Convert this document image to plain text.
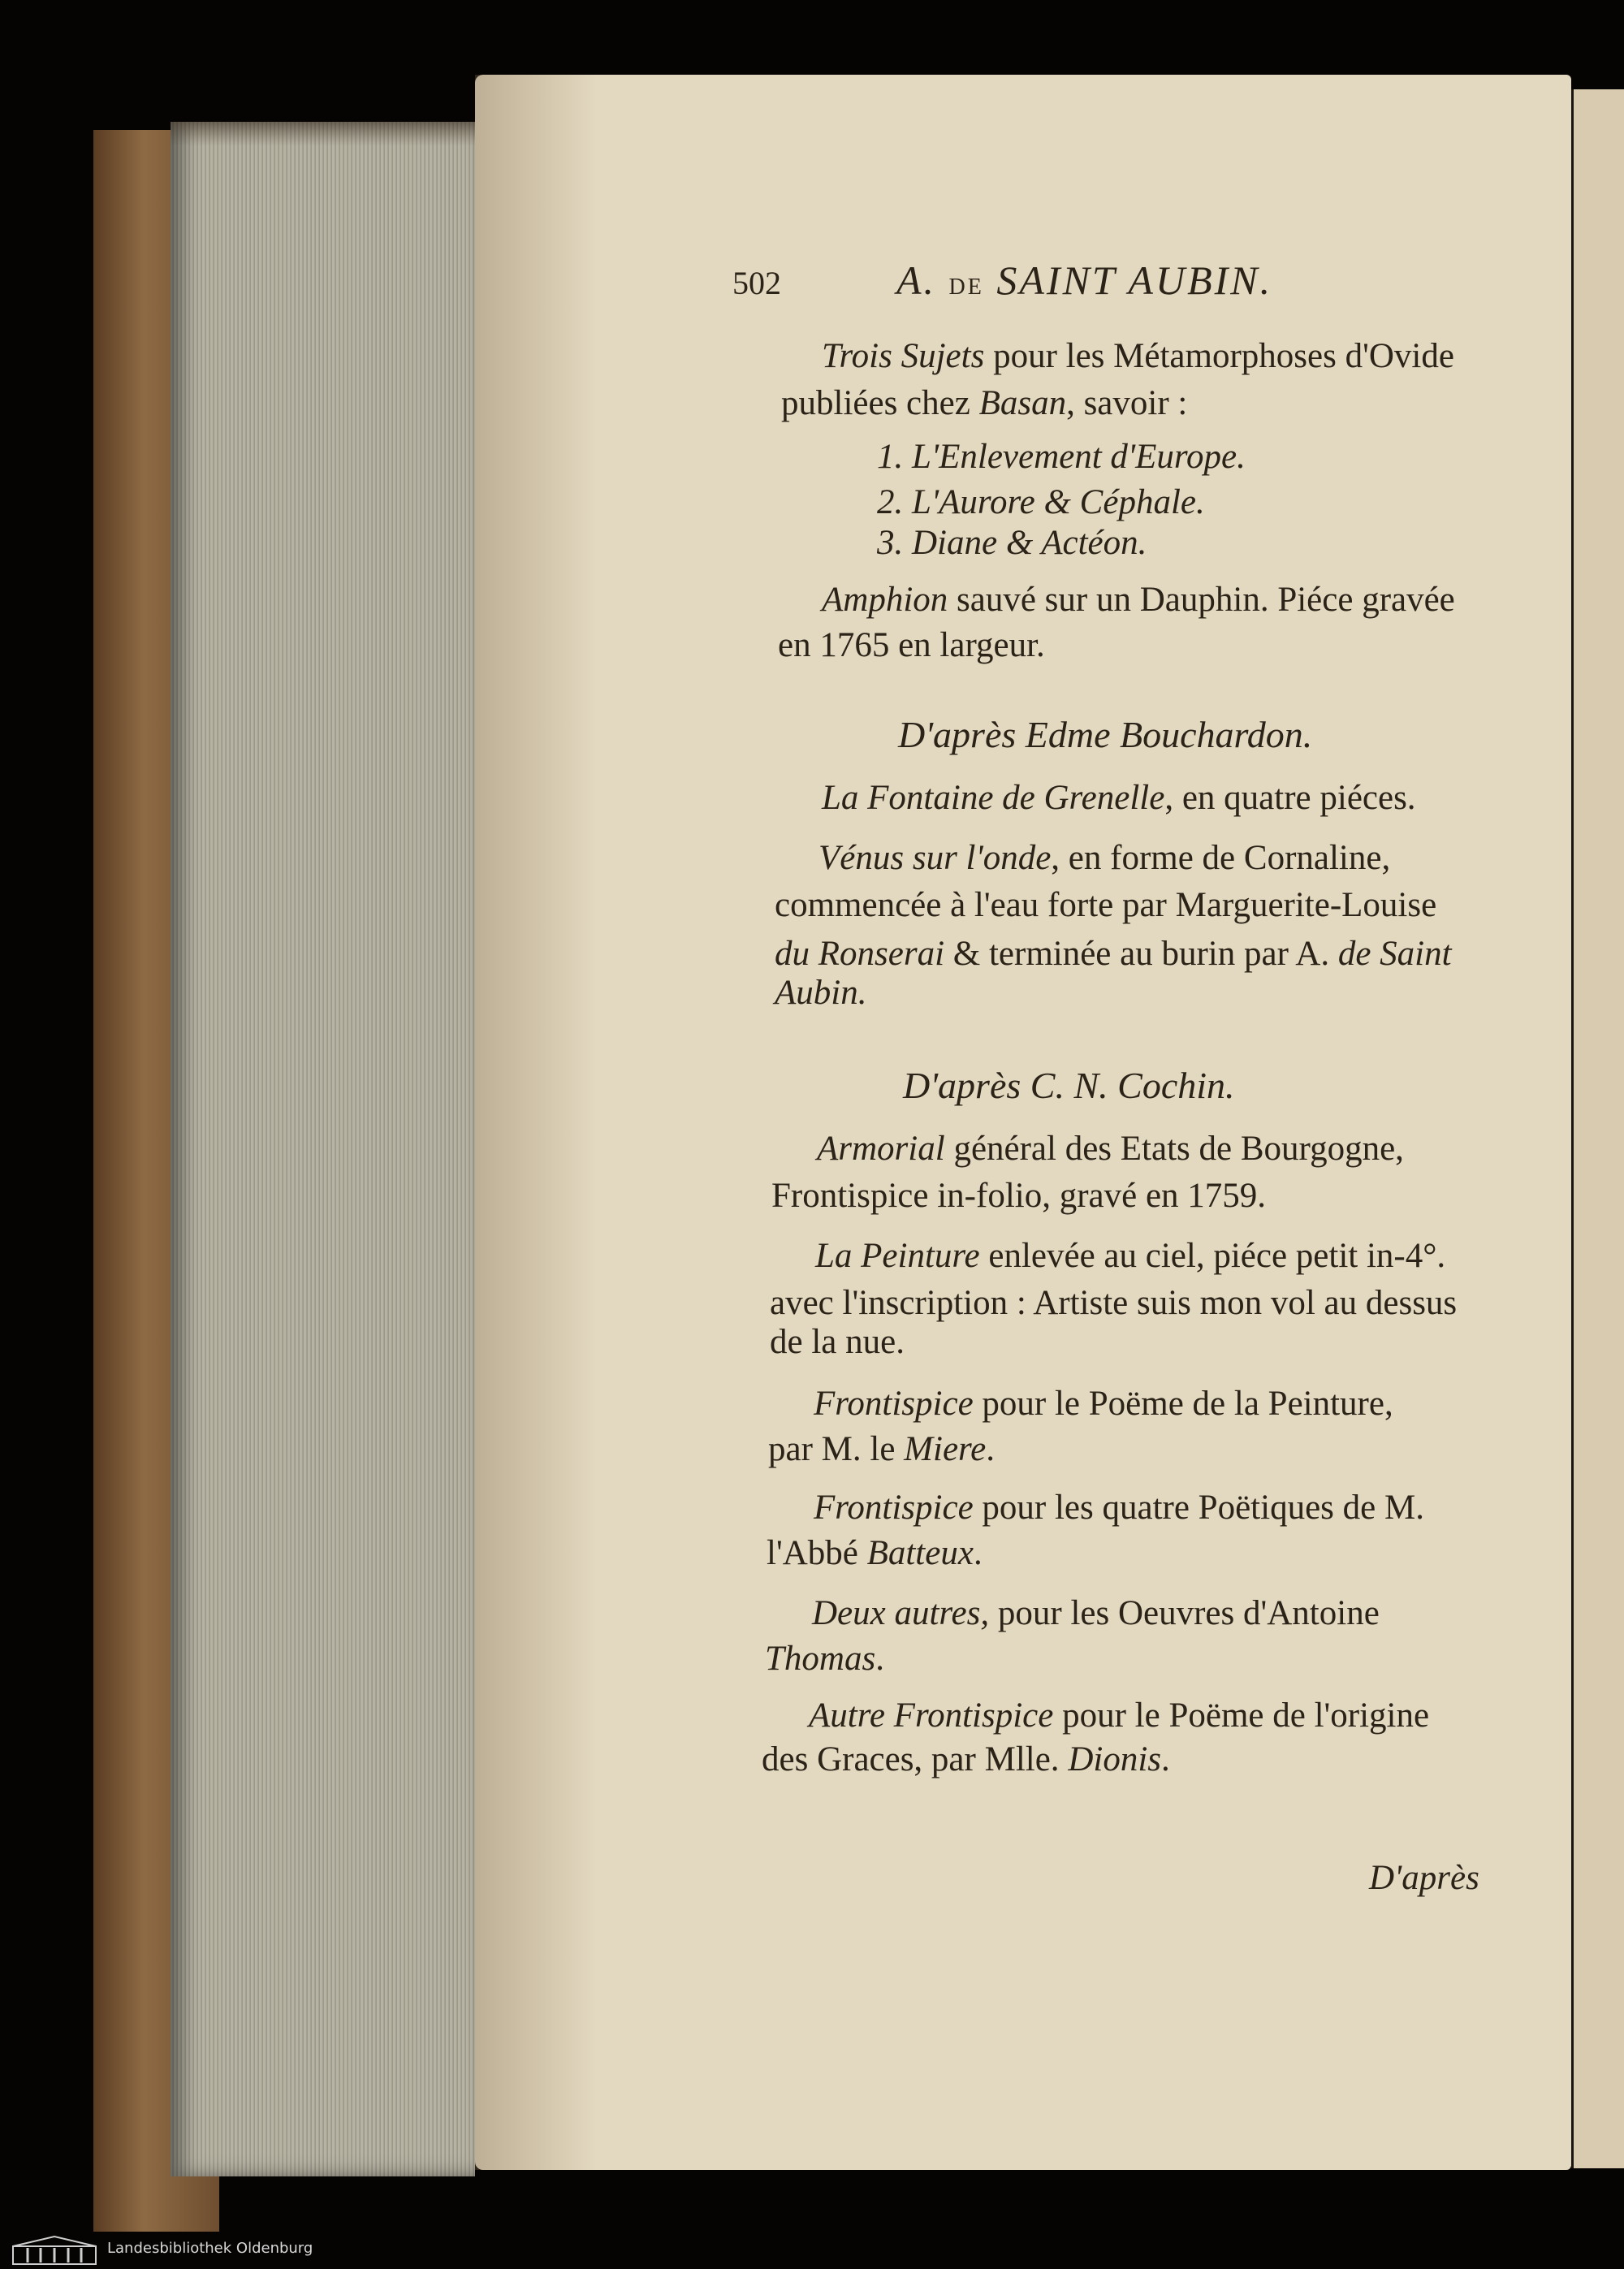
502	A. de SAINT AUBIN.
Trois Sujets pour les Métamorphoses d'Ovide
publiées chez Basan, savoir :
1. L'Enlevement d'Europe.
2. L'Aurore & Céphale.
3. Diane & Actéon.
Amphion sauvé sur un Dauphin. Piéce gravée
en 1765 en largeur.
D'après Edme Bouchardon.
La Fontaine de Grenelle, en quatre piéces.
Vénus sur l'onde, en forme de Cornaline,
commencée à l'eau forte par Marguerite-Louise
du Ronserai & terminée au burin par A. de Saint
Aubin.
D'après C. N. Cochin.
Armorial général des Etats de Bourgogne,
Frontispice in-folio, gravé en 1759.
La Peinture enlevée au ciel, piéce petit in-4°.
avec l'inscription : Artiste suis mon vol au dessus
de la nue.
Frontispice pour le Poëme de la Peinture,
par M. le Miere.
Frontispice pour les quatre Poëtiques de M.
l'Abbé Batteux.
Deux autres, pour les Oeuvres d'Antoine
Thomas.
Autre Frontispice pour le Poëme de l'origine
des Graces, par Mlle. Dionis.
D'après
Landesbibliothek Oldenburg
